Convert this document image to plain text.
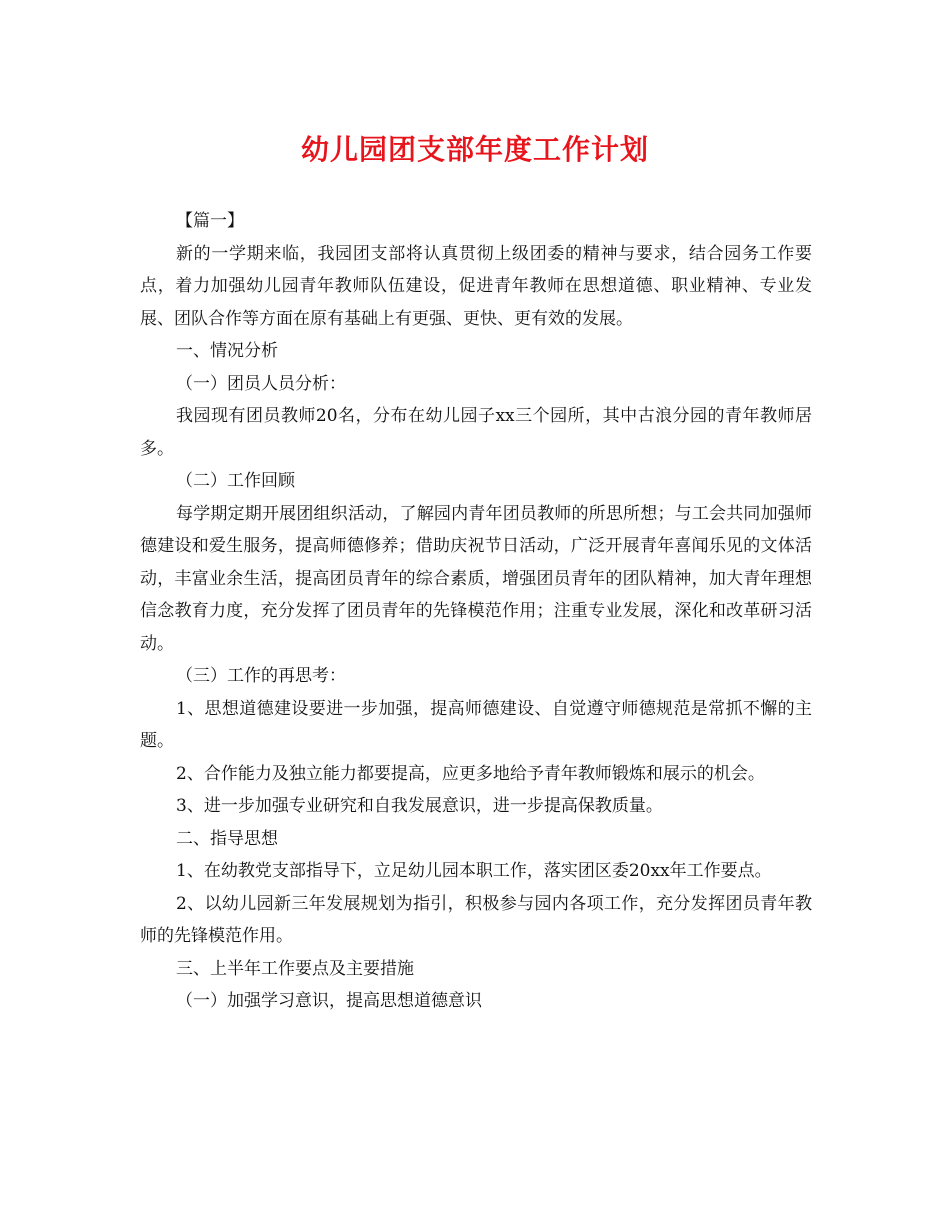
幼儿园团支部年度工作计划

【篇一】

新的一学期来临，我园团支部将认真贯彻上级团委的精神与要求，结合园务工作要点，着力加强幼儿园青年教师队伍建设，促进青年教师在思想道德、职业精神、专业发展、团队合作等方面在原有基础上有更强、更快、更有效的发展。

一、情况分析

（一）团员人员分析：

我园现有团员教师20名，分布在幼儿园子xx三个园所，其中古浪分园的青年教师居多。

（二）工作回顾

每学期定期开展团组织活动，了解园内青年团员教师的所思所想；与工会共同加强师德建设和爱生服务，提高师德修养；借助庆祝节日活动，广泛开展青年喜闻乐见的文体活动，丰富业余生活，提高团员青年的综合素质，增强团员青年的团队精神，加大青年理想信念教育力度，充分发挥了团员青年的先锋模范作用；注重专业发展，深化和改革研习活动。

（三）工作的再思考：

1、思想道德建设要进一步加强，提高师德建设、自觉遵守师德规范是常抓不懈的主题。

2、合作能力及独立能力都要提高，应更多地给予青年教师锻炼和展示的机会。

3、进一步加强专业研究和自我发展意识，进一步提高保教质量。

二、指导思想

1、在幼教党支部指导下，立足幼儿园本职工作，落实团区委20xx年工作要点。

2、以幼儿园新三年发展规划为指引，积极参与园内各项工作，充分发挥团员青年教师的先锋模范作用。

三、上半年工作要点及主要措施

（一）加强学习意识，提高思想道德意识
